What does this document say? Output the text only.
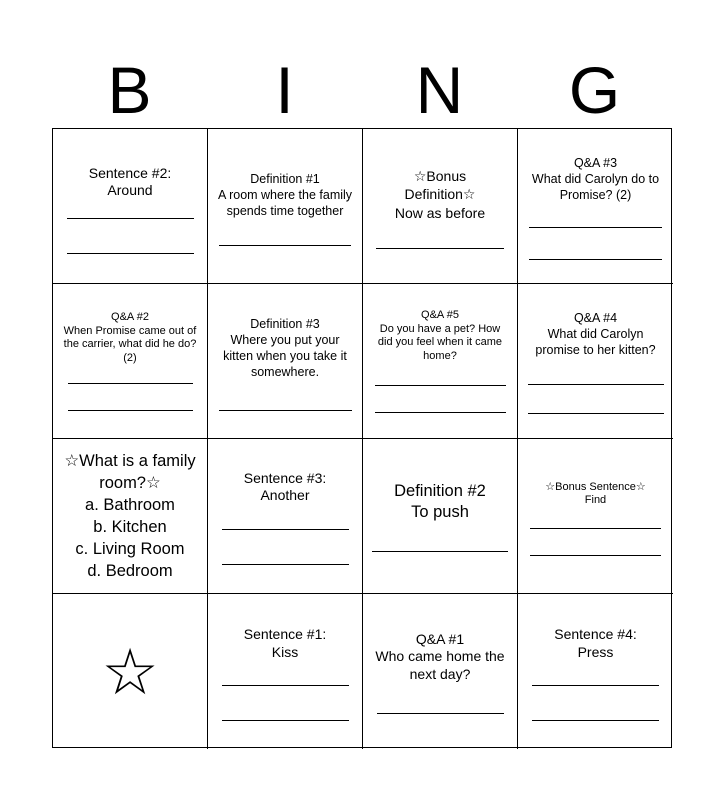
B	I	N	G
Sentence #2:
Around
Definition #1
A room where the family spends time together
☆Bonus Definition☆
Now as before
Q&A #3
What did Carolyn do to Promise? (2)
Q&A #2
When Promise came out of the carrier, what did he do? (2)
Definition #3
Where you put your kitten when you take it somewhere.
Q&A #5
Do you have a pet? How did you feel when it came home?
Q&A #4
What did Carolyn promise to her kitten?
☆What is a family room?☆
a. Bathroom
b. Kitchen
c. Living Room
d. Bedroom
Sentence #3:
Another	Definition #2
To push
☆Bonus Sentence☆
Find
☆
Sentence #1:
Kiss
Q&A #1
Who came home the next day?
Sentence #4:
Press
